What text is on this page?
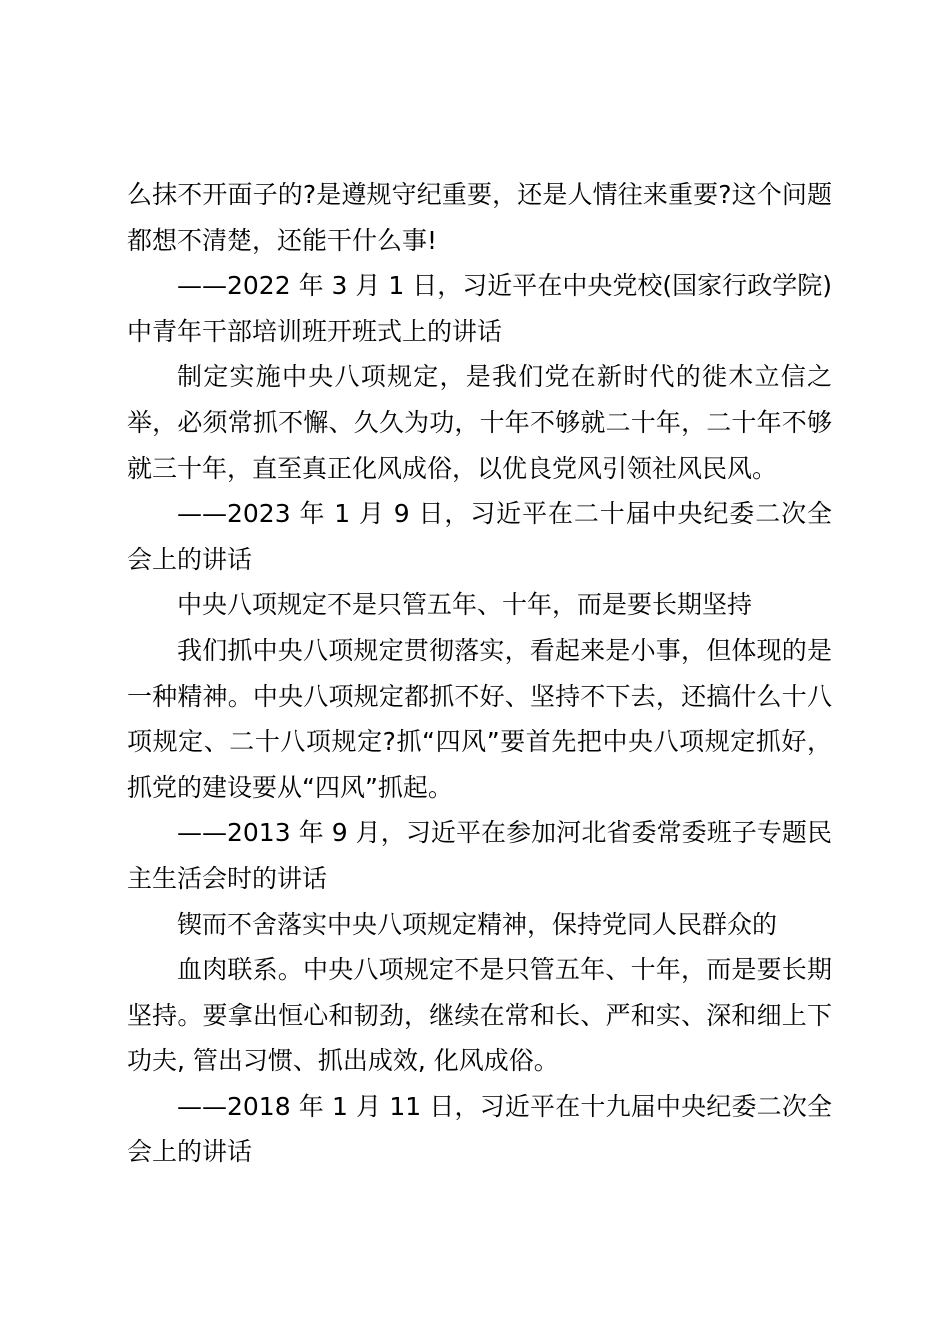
么抹不开面子的?是遵规守纪重要，还是人情往来重要?这个问题都想不清楚，还能干什么事!

——2022 年 3 月 1 日，习近平在中央党校(国家行政学院)中青年干部培训班开班式上的讲话

制定实施中央八项规定，是我们党在新时代的徙木立信之举，必须常抓不懈、久久为功，十年不够就二十年，二十年不够就三十年，直至真正化风成俗，以优良党风引领社风民风。

——2023 年 1 月 9 日，习近平在二十届中央纪委二次全会上的讲话

中央八项规定不是只管五年、十年，而是要长期坚持

我们抓中央八项规定贯彻落实，看起来是小事，但体现的是一种精神。中央八项规定都抓不好、坚持不下去，还搞什么十八项规定、二十八项规定?抓“四风”要首先把中央八项规定抓好，抓党的建设要从“四风”抓起。

——2013 年 9 月，习近平在参加河北省委常委班子专题民主生活会时的讲话

锲而不舍落实中央八项规定精神，保持党同人民群众的

血肉联系。中央八项规定不是只管五年、十年，而是要长期坚持。要拿出恒心和韧劲，继续在常和长、严和实、深和细上下功夫, 管出习惯、抓出成效, 化风成俗。

——2018 年 1 月 11 日，习近平在十九届中央纪委二次全会上的讲话
